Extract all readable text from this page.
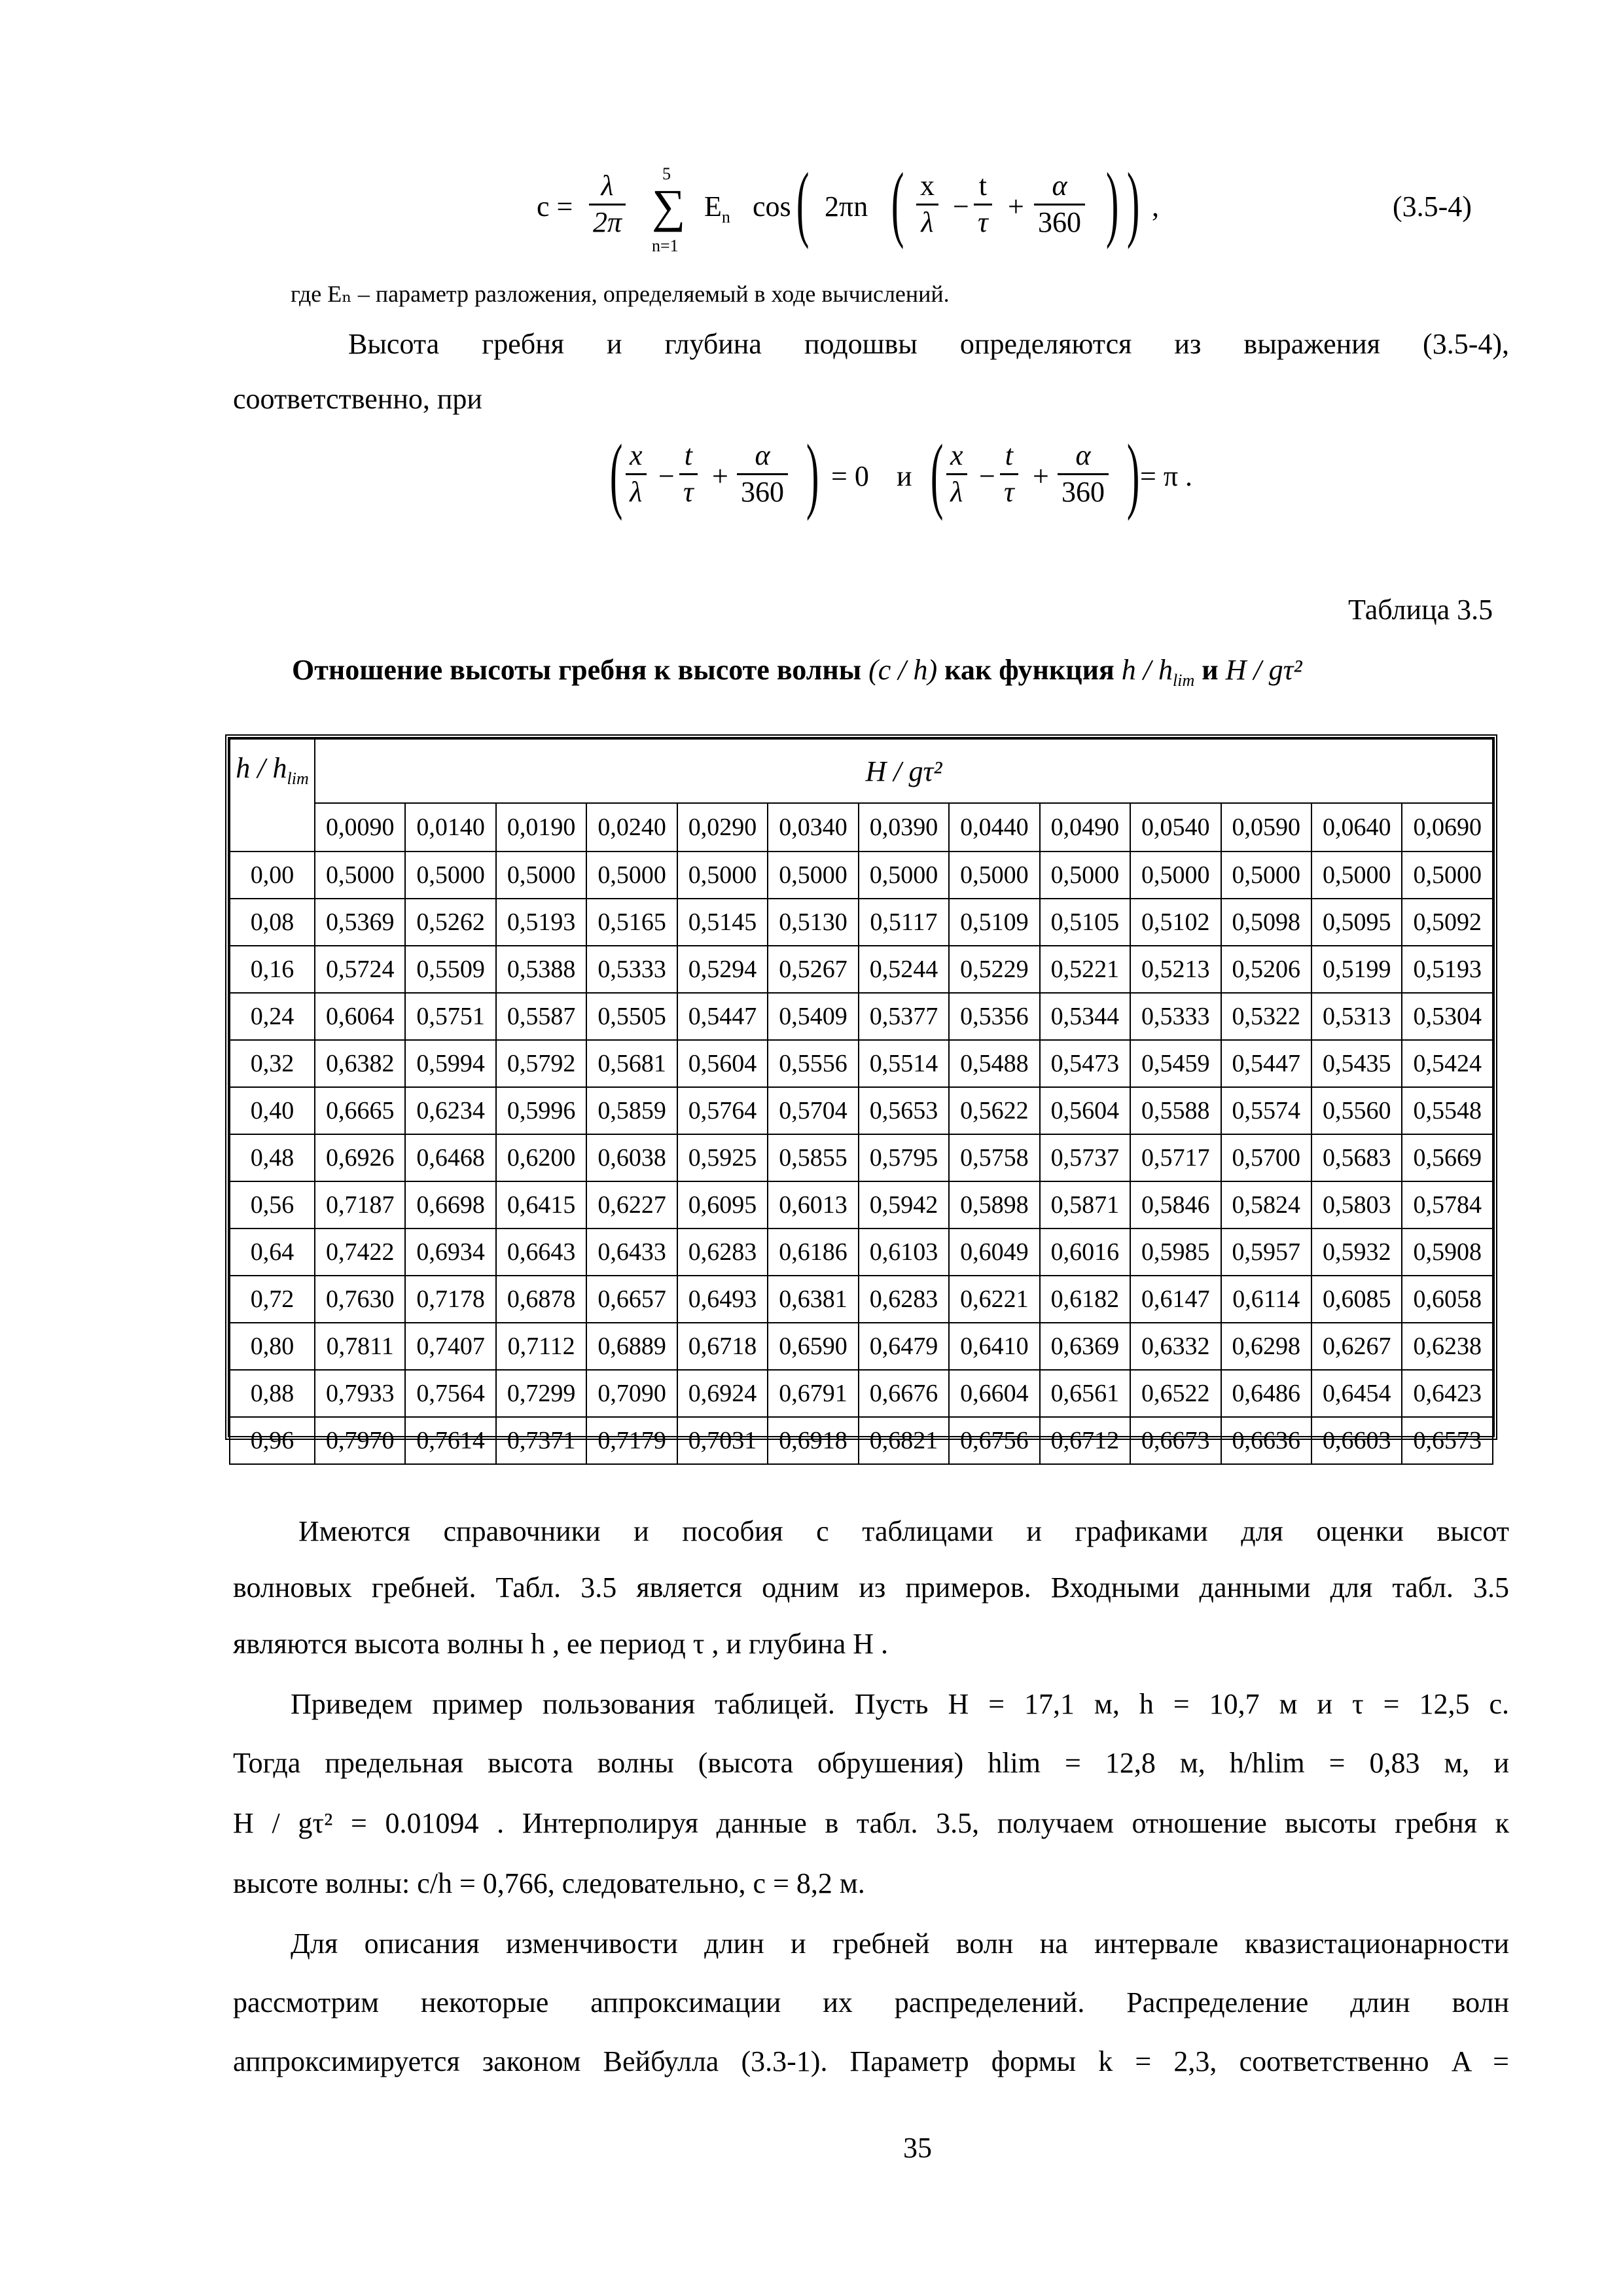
$c = \frac{\lambda}{2\pi} 5$
∑
n=1
$E_n$ cos ( 2πn ( $\frac{x}{\lambda} - \frac{t}{\tau} + \frac{\alpha}{360}$ ) ) ,	(3.5-4)
где Eₙ – параметр разложения, определяемый в ходе вычислений.
Высота гребня и глубина подошвы определяются из выражения (3.5-4),
соответственно, при
( $\frac{x}{\lambda} - \frac{t}{\tau} + \frac{\alpha}{360}$ ) = 0 и ( $\frac{x}{\lambda} - \frac{t}{\tau} + \frac{\alpha}{360}$ ) = π .
Таблица 3.5
Отношение высоты гребня к высоте волны (c / h) как функция h / $h_{lim}$ и H / gτ²
h / $h_{lim}$	H / gτ²												
	0,0090	0,0140	0,0190	0,0240	0,0290	0,0340	0,0390	0,0440	0,0490	0,0540	0,0590	0,0640	0,0690
0,00	0,5000	0,5000	0,5000	0,5000	0,5000	0,5000	0,5000	0,5000	0,5000	0,5000	0,5000	0,5000	0,5000
0,08	0,5369	0,5262	0,5193	0,5165	0,5145	0,5130	0,5117	0,5109	0,5105	0,5102	0,5098	0,5095	0,5092
0,16	0,5724	0,5509	0,5388	0,5333	0,5294	0,5267	0,5244	0,5229	0,5221	0,5213	0,5206	0,5199	0,5193
0,24	0,6064	0,5751	0,5587	0,5505	0,5447	0,5409	0,5377	0,5356	0,5344	0,5333	0,5322	0,5313	0,5304
0,32	0,6382	0,5994	0,5792	0,5681	0,5604	0,5556	0,5514	0,5488	0,5473	0,5459	0,5447	0,5435	0,5424
0,40	0,6665	0,6234	0,5996	0,5859	0,5764	0,5704	0,5653	0,5622	0,5604	0,5588	0,5574	0,5560	0,5548
0,48	0,6926	0,6468	0,6200	0,6038	0,5925	0,5855	0,5795	0,5758	0,5737	0,5717	0,5700	0,5683	0,5669
0,56	0,7187	0,6698	0,6415	0,6227	0,6095	0,6013	0,5942	0,5898	0,5871	0,5846	0,5824	0,5803	0,5784
0,64	0,7422	0,6934	0,6643	0,6433	0,6283	0,6186	0,6103	0,6049	0,6016	0,5985	0,5957	0,5932	0,5908
0,72	0,7630	0,7178	0,6878	0,6657	0,6493	0,6381	0,6283	0,6221	0,6182	0,6147	0,6114	0,6085	0,6058
0,80	0,7811	0,7407	0,7112	0,6889	0,6718	0,6590	0,6479	0,6410	0,6369	0,6332	0,6298	0,6267	0,6238
0,88	0,7933	0,7564	0,7299	0,7090	0,6924	0,6791	0,6676	0,6604	0,6561	0,6522	0,6486	0,6454	0,6423
0,96	0,7970	0,7614	0,7371	0,7179	0,7031	0,6918	0,6821	0,6756	0,6712	0,6673	0,6636	0,6603	0,6573
Имеются справочники и пособия с таблицами и графиками для оценки высот
волновых гребней. Табл. 3.5 является одним из примеров. Входными данными для табл. 3.5
являются высота волны h , ее период τ , и глубина H .
Приведем пример пользования таблицей. Пусть H = 17,1 м, h = 10,7 м и τ = 12,5 с.
Тогда предельная высота волны (высота обрушения) hlim = 12,8 м, h/hlim = 0,83 м, и
H / gτ² = 0.01094 . Интерполируя данные в табл. 3.5, получаем отношение высоты гребня к
высоте волны: c/h = 0,766, следовательно, c = 8,2 м.
Для описания изменчивости длин и гребней волн на интервале квазистационарности
рассмотрим некоторые аппроксимации их распределений. Распределение длин волн
аппроксимируется законом Вейбулла (3.3-1). Параметр формы k = 2,3, соответственно A =
35
